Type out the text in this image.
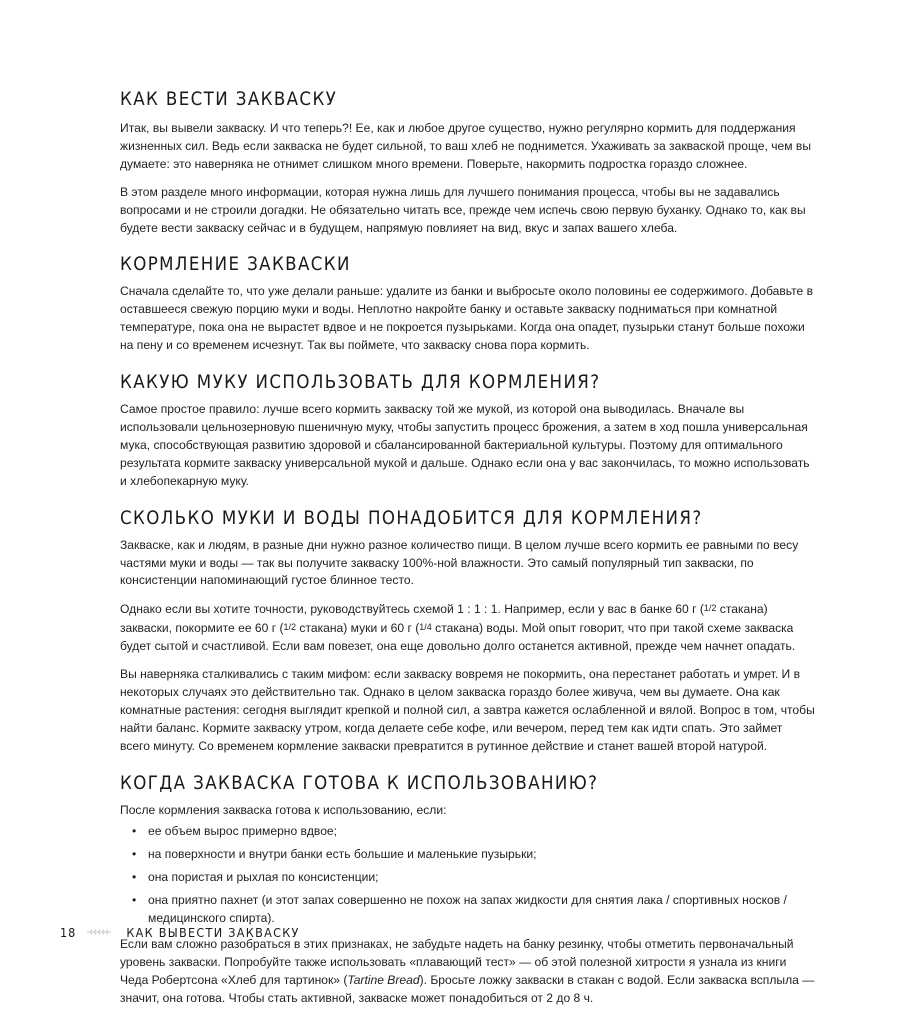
КАК ВЕСТИ ЗАКВАСКУ

Итак, вы вывели закваску. И что теперь?! Ее, как и любое другое существо, нужно регулярно кормить для поддержания жизненных сил. Ведь если закваска не будет сильной, то ваш хлеб не поднимется. Ухаживать за закваской проще, чем вы думаете: это наверняка не отнимет слишком много времени. Поверьте, накормить подростка гораздо сложнее.

В этом разделе много информации, которая нужна лишь для лучшего понимания процесса, чтобы вы не задавались вопросами и не строили догадки. Не обязательно читать все, прежде чем испечь свою первую буханку. Однако то, как вы будете вести закваску сейчас и в будущем, напрямую повлияет на вид, вкус и запах вашего хлеба.

КОРМЛЕНИЕ ЗАКВАСКИ

Сначала сделайте то, что уже делали раньше: удалите из банки и выбросьте около половины ее содержимого. Добавьте в оставшееся свежую порцию муки и воды. Неплотно накройте банку и оставьте закваску подниматься при комнатной температуре, пока она не вырастет вдвое и не покроется пузырьками. Когда она опадет, пузырьки станут больше похожи на пену и со временем исчезнут. Так вы поймете, что закваску снова пора кормить.

КАКУЮ МУКУ ИСПОЛЬЗОВАТЬ ДЛЯ КОРМЛЕНИЯ?

Самое простое правило: лучше всего кормить закваску той же мукой, из которой она выводилась. Вначале вы использовали цельнозерновую пшеничную муку, чтобы запустить процесс брожения, а затем в ход пошла универсальная мука, способствующая развитию здоровой и сбалансированной бактериальной культуры. Поэтому для оптимального результата кормите закваску универсальной мукой и дальше. Однако если она у вас закончилась, то можно использовать и хлебопекарную муку.

СКОЛЬКО МУКИ И ВОДЫ ПОНАДОБИТСЯ ДЛЯ КОРМЛЕНИЯ?

Закваске, как и людям, в разные дни нужно разное количество пищи. В целом лучше всего кормить ее равными по весу частями муки и воды — так вы получите закваску 100%-ной влажности. Это самый популярный тип закваски, по консистенции напоминающий густое блинное тесто.

Однако если вы хотите точности, руководствуйтесь схемой 1 : 1 : 1. Например, если у вас в банке 60 г (1/2 стакана) закваски, покормите ее 60 г (1/2 стакана) муки и 60 г (1/4 стакана) воды. Мой опыт говорит, что при такой схеме закваска будет сытой и счастливой. Если вам повезет, она еще довольно долго останется активной, прежде чем начнет опадать.

Вы наверняка сталкивались с таким мифом: если закваску вовремя не покормить, она перестанет работать и умрет. И в некоторых случаях это действительно так. Однако в целом закваска гораздо более живуча, чем вы думаете. Она как комнатные растения: сегодня выглядит крепкой и полной сил, а завтра кажется ослабленной и вялой. Вопрос в том, чтобы найти баланс. Кормите закваску утром, когда делаете себе кофе, или вечером, перед тем как идти спать. Это займет всего минуту. Со временем кормление закваски превратится в рутинное действие и станет вашей второй натурой.

КОГДА ЗАКВАСКА ГОТОВА К ИСПОЛЬЗОВАНИЮ?

После кормления закваска готова к использованию, если:

• ее объем вырос примерно вдвое;
• на поверхности и внутри банки есть большие и маленькие пузырьки;
• она пористая и рыхлая по консистенции;
• она приятно пахнет (и этот запах совершенно не похож на запах жидкости для снятия лака / спортивных носков / медицинского спирта).

Если вам сложно разобраться в этих признаках, не забудьте надеть на банку резинку, чтобы отметить первоначальный уровень закваски. Попробуйте также использовать «плавающий тест» — об этой полезной хитрости я узнала из книги Чеда Робертсона «Хлеб для тартинок» (Tartine Bread). Бросьте ложку закваски в стакан с водой. Если закваска всплыла — значит, она готова. Чтобы стать активной, закваске может понадобиться от 2 до 8 ч.

18	КАК ВЫВЕСТИ ЗАКВАСКУ
